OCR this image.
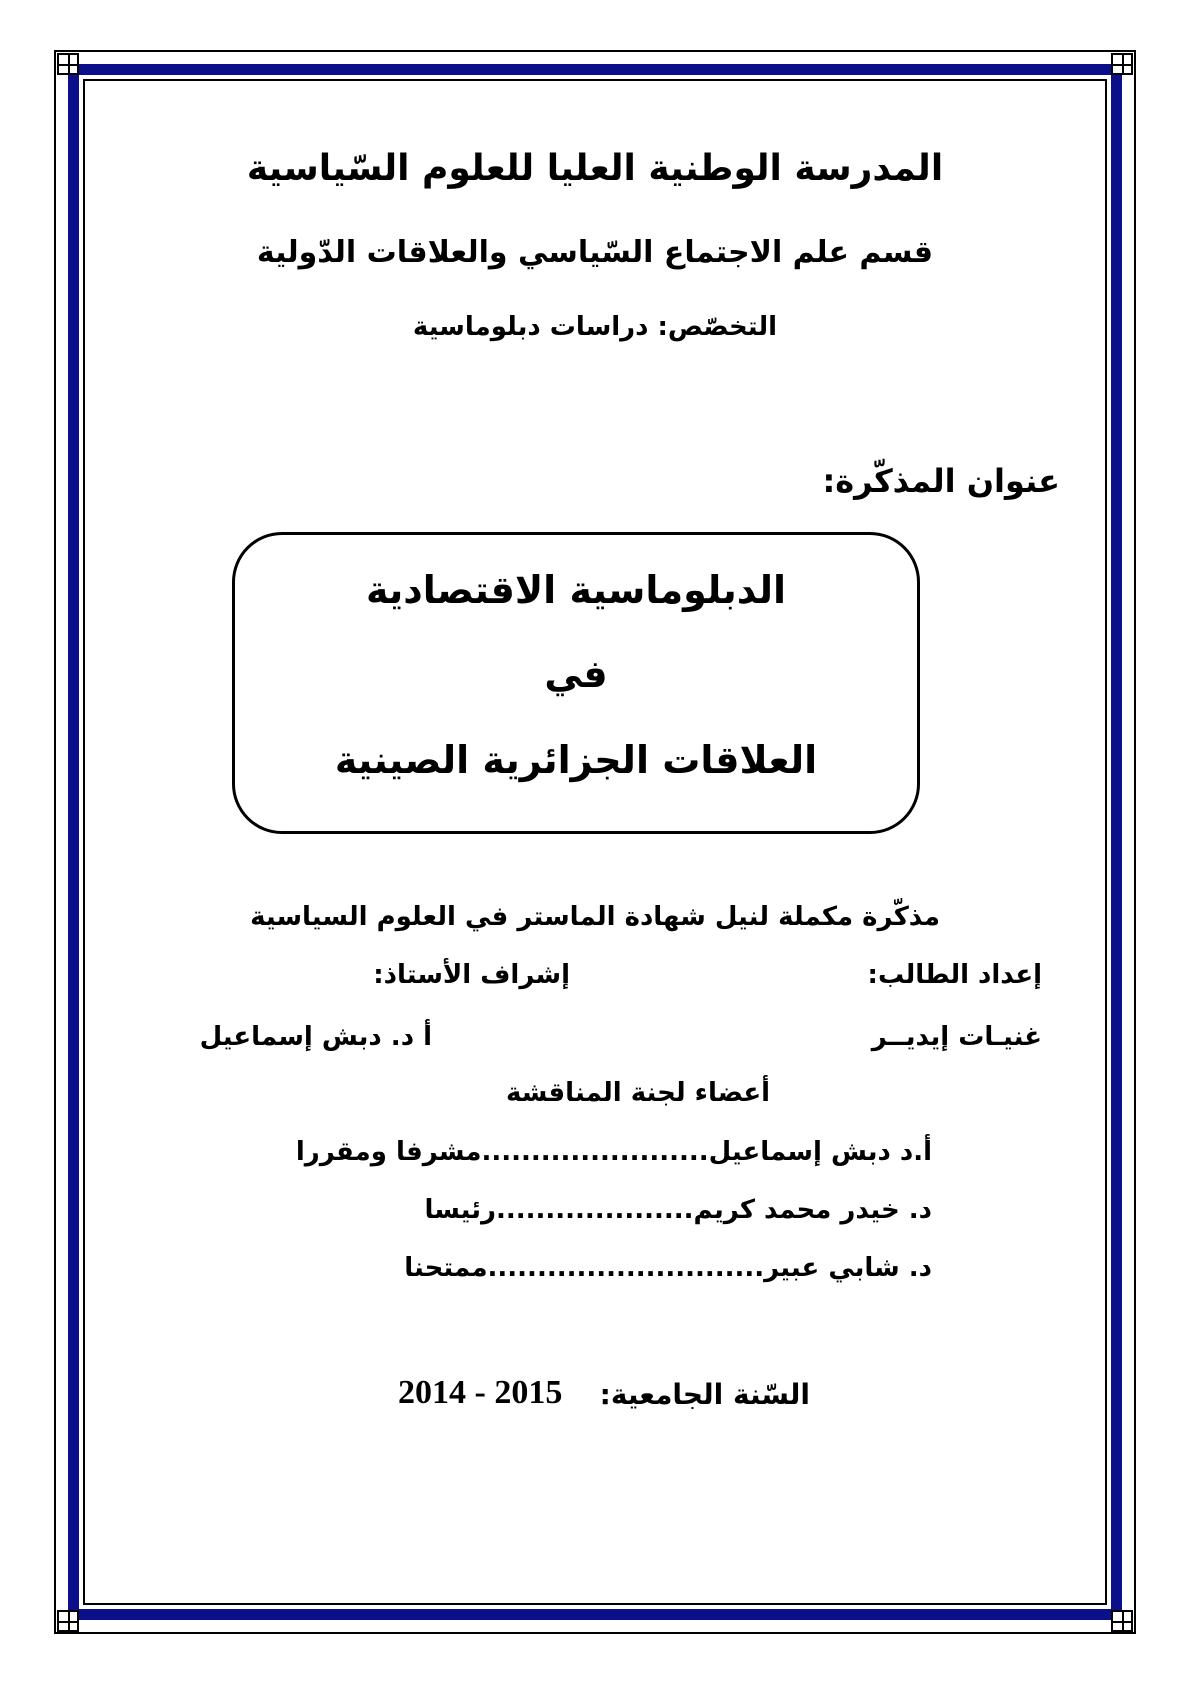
المدرسة الوطنية العليا للعلوم السّياسية
قسم علم الاجتماع السّياسي والعلاقات الدّولية
التخصّص: دراسات دبلوماسية
عنوان المذكّرة:
الدبلوماسية الاقتصادية
في
العلاقات الجزائرية الصينية
مذكّرة مكملة لنيل شهادة الماستر في العلوم السياسية
إعداد الطالب:
إشراف الأستاذ:
غنيـات إيديــر
أ د. دبش إسماعيل
أعضاء لجنة المناقشة
أ.د دبش إسماعيل.......................مشرفا ومقررا
د. خيدر محمد كريم....................رئيسا
د. شابي عبير............................ممتحنا
السّنة الجامعية:
2014 - 2015
